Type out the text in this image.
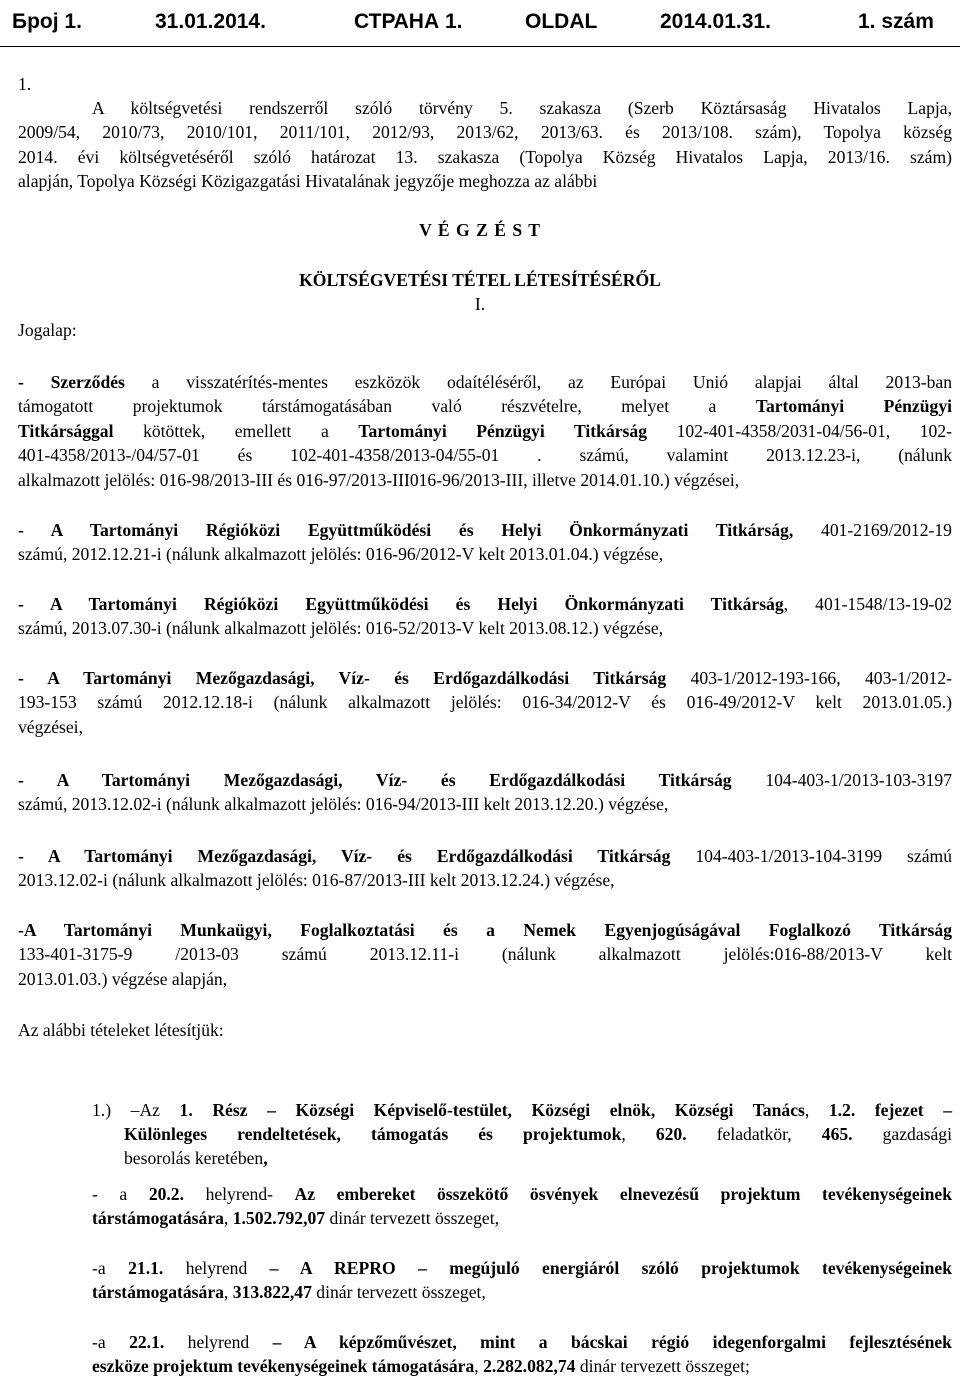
Број 1.	31.01.2014.	СТРАНА 1.	OLDAL	2014.01.31.	1. szám

1.

A költségvetési rendszerről szóló törvény 5. szakasza (Szerb Köztársaság Hivatalos Lapja,
2009/54, 2010/73, 2010/101, 2011/101, 2012/93, 2013/62, 2013/63. és 2013/108. szám), Topolya község
2014. évi költségvetéséről szóló határozat 13. szakasza (Topolya Község Hivatalos Lapja, 2013/16. szám)
alapján, Topolya Községi Közigazgatási Hivatalának jegyzője meghozza az alábbi

V É G Z É S T

KÖLTSÉGVETÉSI TÉTEL LÉTESÍTÉSÉRŐL

I.

Jogalap:

- Szerződés a visszatérítés-mentes eszközök odaítéléséről, az Európai Unió alapjai által 2013-ban
támogatott projektumok társtámogatásában való részvételre, melyet a Tartományi Pénzügyi
Titkársággal kötöttek, emellett a Tartományi Pénzügyi Titkárság 102-401-4358/2031-04/56-01, 102-
401-4358/2013-/04/57-01 és 102-401-4358/2013-04/55-01 . számú, valamint 2013.12.23-i, (nálunk
alkalmazott jelölés: 016-98/2013-III és 016-97/2013-III016-96/2013-III, illetve 2014.01.10.) végzései,
- A Tartományi Régióközi Együttműködési és Helyi Önkormányzati Titkárság, 401-2169/2012-19
számú, 2012.12.21-i (nálunk alkalmazott jelölés: 016-96/2012-V kelt 2013.01.04.) végzése,
- A Tartományi Régióközi Együttműködési és Helyi Önkormányzati Titkárság, 401-1548/13-19-02
számú, 2013.07.30-i (nálunk alkalmazott jelölés: 016-52/2013-V kelt 2013.08.12.) végzése,
- A Tartományi Mezőgazdasági, Víz- és Erdőgazdálkodási Titkárság 403-1/2012-193-166, 403-1/2012-
193-153 számú 2012.12.18-i (nálunk alkalmazott jelölés: 016-34/2012-V és 016-49/2012-V kelt 2013.01.05.)
végzései,
- A Tartományi Mezőgazdasági, Víz- és Erdőgazdálkodási Titkárság 104-403-1/2013-103-3197
számú, 2013.12.02-i (nálunk alkalmazott jelölés: 016-94/2013-III kelt 2013.12.20.) végzése,
- A Tartományi Mezőgazdasági, Víz- és Erdőgazdálkodási Titkárság 104-403-1/2013-104-3199 számú
2013.12.02-i (nálunk alkalmazott jelölés: 016-87/2013-III kelt 2013.12.24.) végzése,
-A Tartományi Munkaügyi, Foglalkoztatási és a Nemek Egyenjogúságával Foglalkozó Titkárság
133-401-3175-9 /2013-03 számú 2013.12.11-i (nálunk alkalmazott jelölés:016-88/2013-V kelt
2013.01.03.) végzése alapján,

Az alábbi tételeket létesítjük:

1.) –Az 1. Rész – Községi Képviselő-testület, Községi elnök, Községi Tanács, 1.2. fejezet –
Különleges rendeltetések, támogatás és projektumok, 620. feladatkör, 465. gazdasági
besorolás keretében,
- a 20.2. helyrend- Az embereket összekötő ösvények elnevezésű projektum tevékenységeinek
társtámogatására, 1.502.792,07 dinár tervezett összeget,
-a 21.1. helyrend – A REPRO – megújuló energiáról szóló projektumok tevékenységeinek
társtámogatására, 313.822,47 dinár tervezett összeget,
-a 22.1. helyrend – A képzőművészet, mint a bácskai régió idegenforgalmi fejlesztésének
eszköze projektum tevékenységeinek támogatására, 2.282.082,74 dinár tervezett összeget;
